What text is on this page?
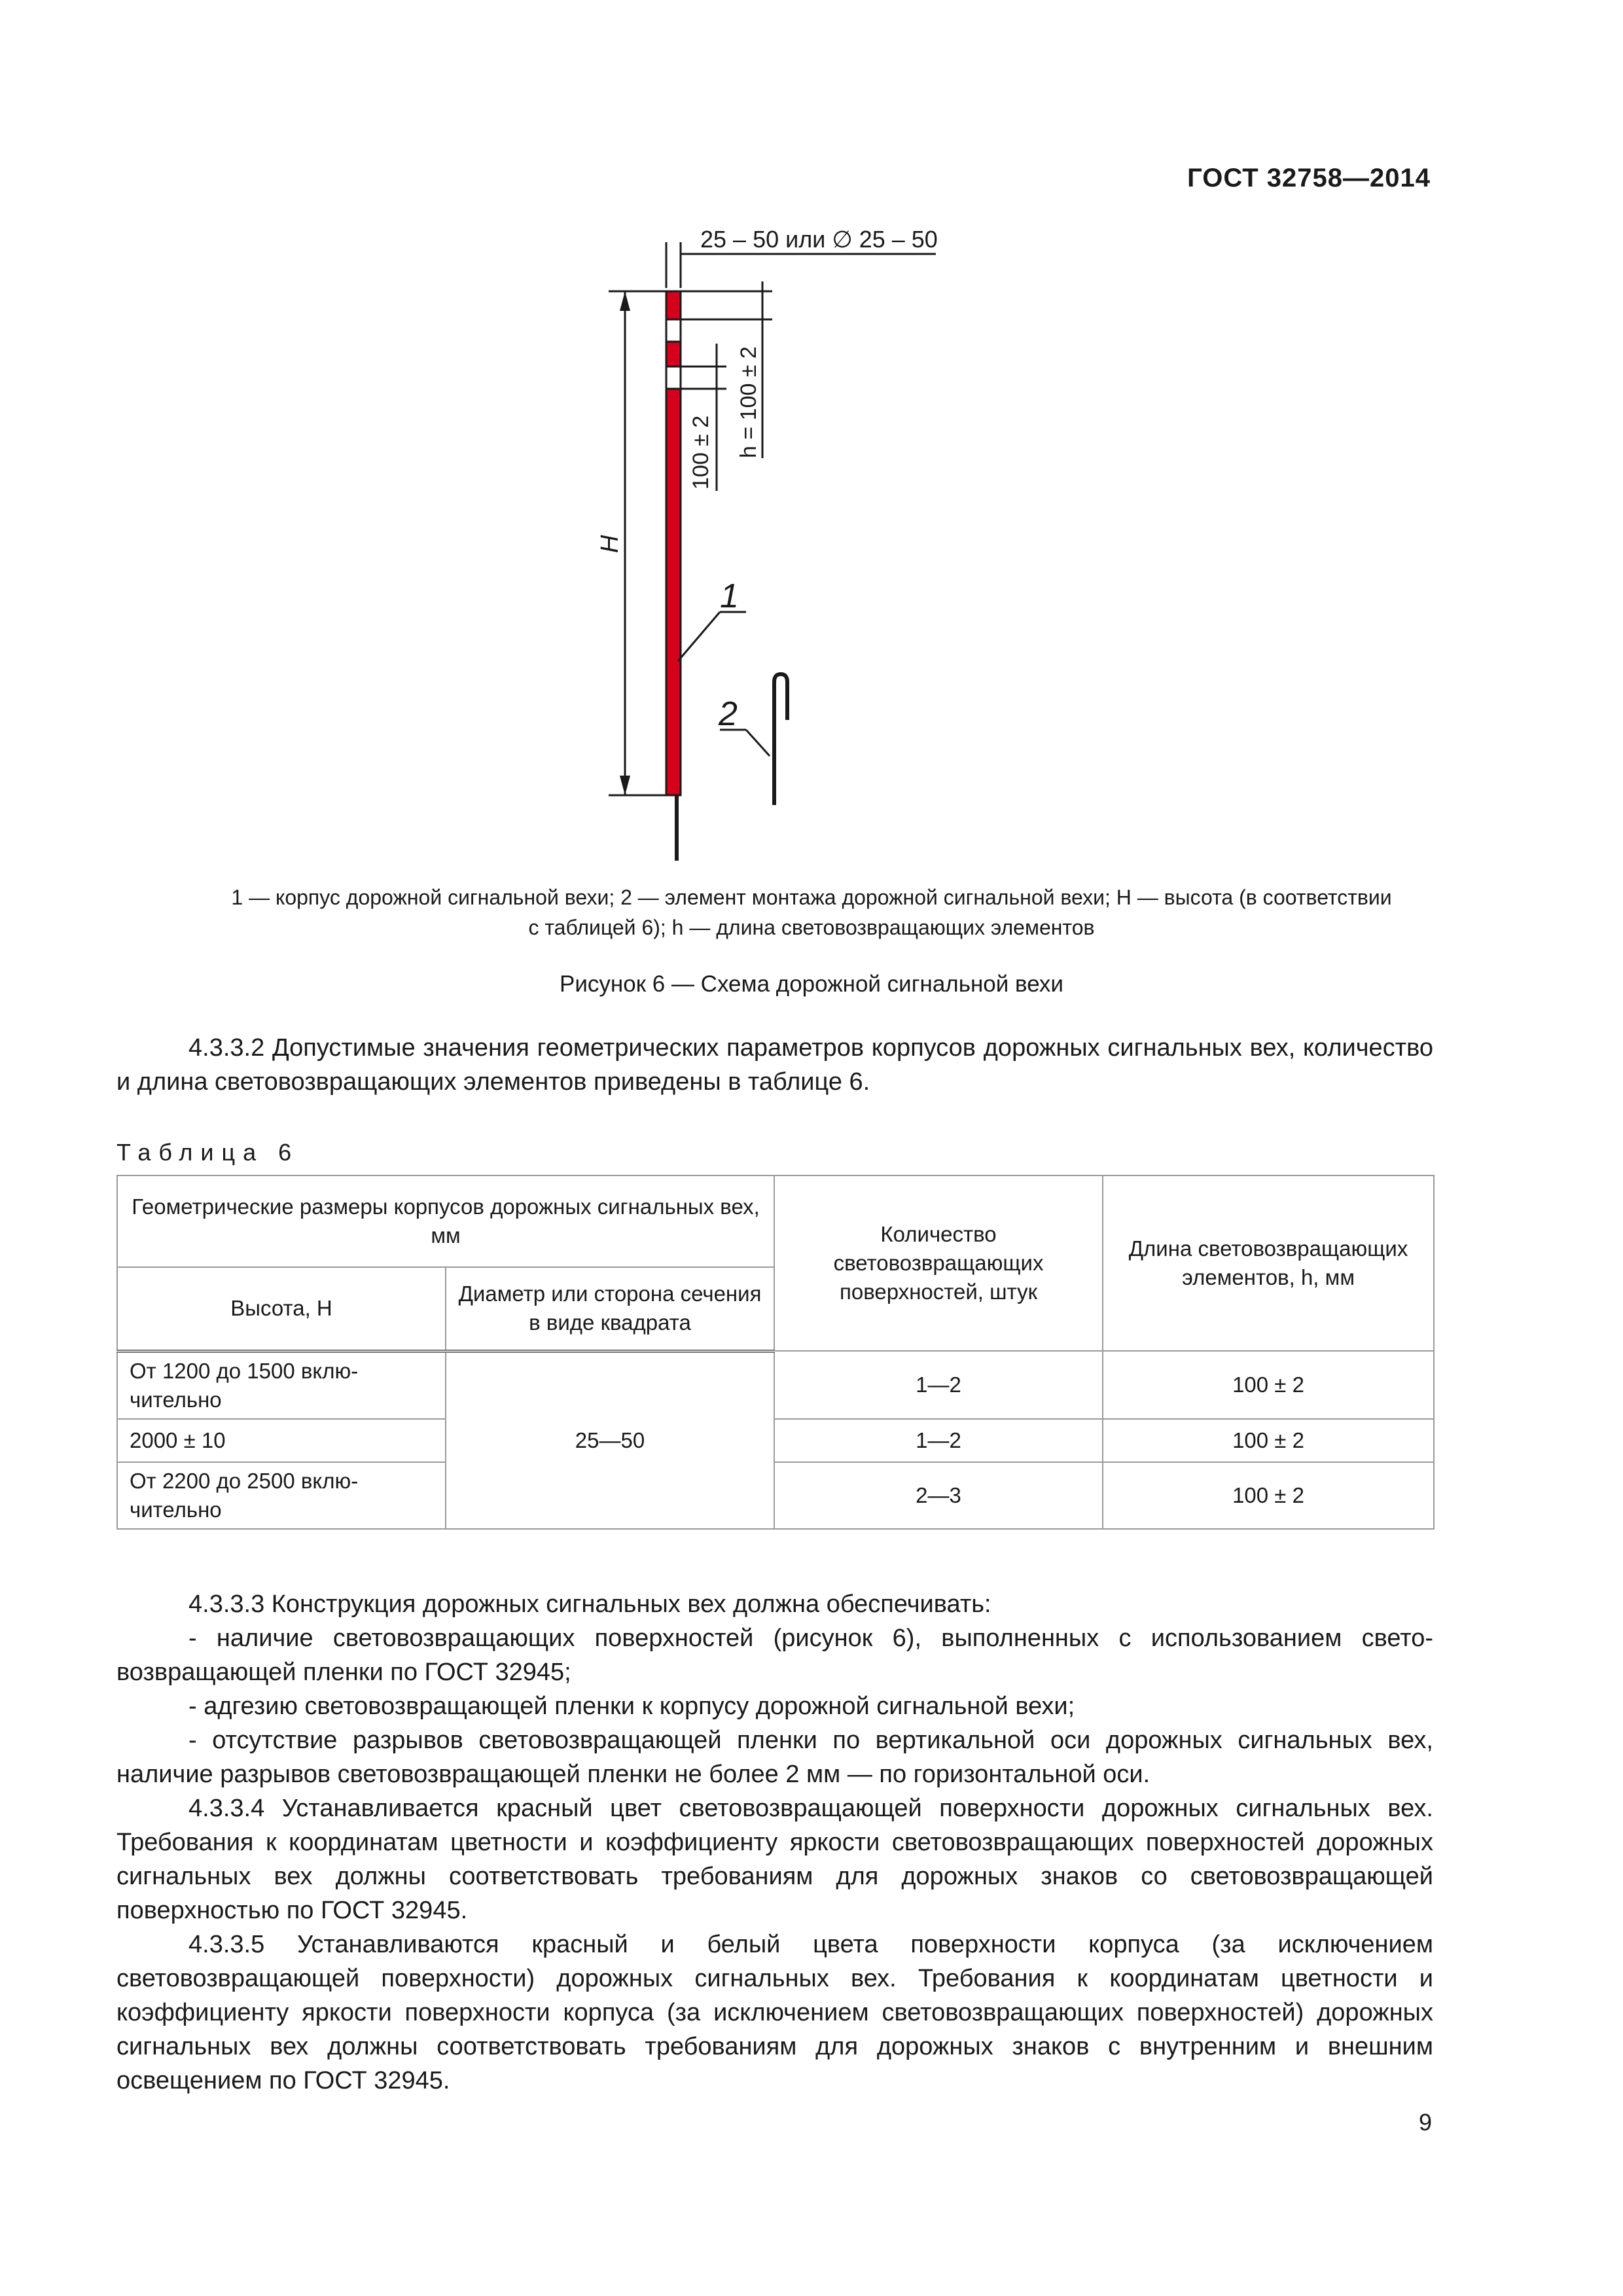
ГОСТ 32758—2014
25 – 50 или ∅ 25 – 50
H
h = 100 ± 2
100 ± 2
1
2
1 — корпус дорожной сигнальной вехи; 2 — элемент монтажа дорожной сигнальной вехи; H — высота (в соответствии
с таблицей 6); h — длина световозвращающих элементов
Рисунок 6 — Схема дорожной сигнальной вехи
4.3.3.2 Допустимые значения геометрических параметров корпусов дорожных сигнальных вех, количество и длина световозвращающих элементов приведены в таблице 6.
Таблица 6
Геометрические размеры корпусов дорожных сигнальных вех, мм		Количество световозвращающих поверхностей, штук	Длина световозвращающих элементов, h, мм
Высота, H	Диаметр или сторона сечения в виде квадрата		
От 1200 до 1500 вклю-чительно	25—50	1—2	100 ± 2
2000 ± 10		1—2	100 ± 2
От 2200 до 2500 вклю-чительно		2—3	100 ± 2
4.3.3.3 Конструкция дорожных сигнальных вех должна обеспечивать:
- наличие световозвращающих поверхностей (рисунок 6), выполненных с использованием свето-возвращающей пленки по ГОСТ 32945;
- адгезию световозвращающей пленки к корпусу дорожной сигнальной вехи;
- отсутствие разрывов световозвращающей пленки по вертикальной оси дорожных сигнальных вех, наличие разрывов световозвращающей пленки не более 2 мм — по горизонтальной оси.
4.3.3.4 Устанавливается красный цвет световозвращающей поверхности дорожных сигнальных вех. Требования к координатам цветности и коэффициенту яркости световозвращающих поверхностей дорожных сигнальных вех должны соответствовать требованиям для дорожных знаков со световозвращающей поверхностью по ГОСТ 32945.
4.3.3.5 Устанавливаются красный и белый цвета поверхности корпуса (за исключением световозвращающей поверхности) дорожных сигнальных вех. Требования к координатам цветности и коэффициенту яркости поверхности корпуса (за исключением световозвращающих поверхностей) дорожных сигнальных вех должны соответствовать требованиям для дорожных знаков с внутренним и внешним освещением по ГОСТ 32945.
9
